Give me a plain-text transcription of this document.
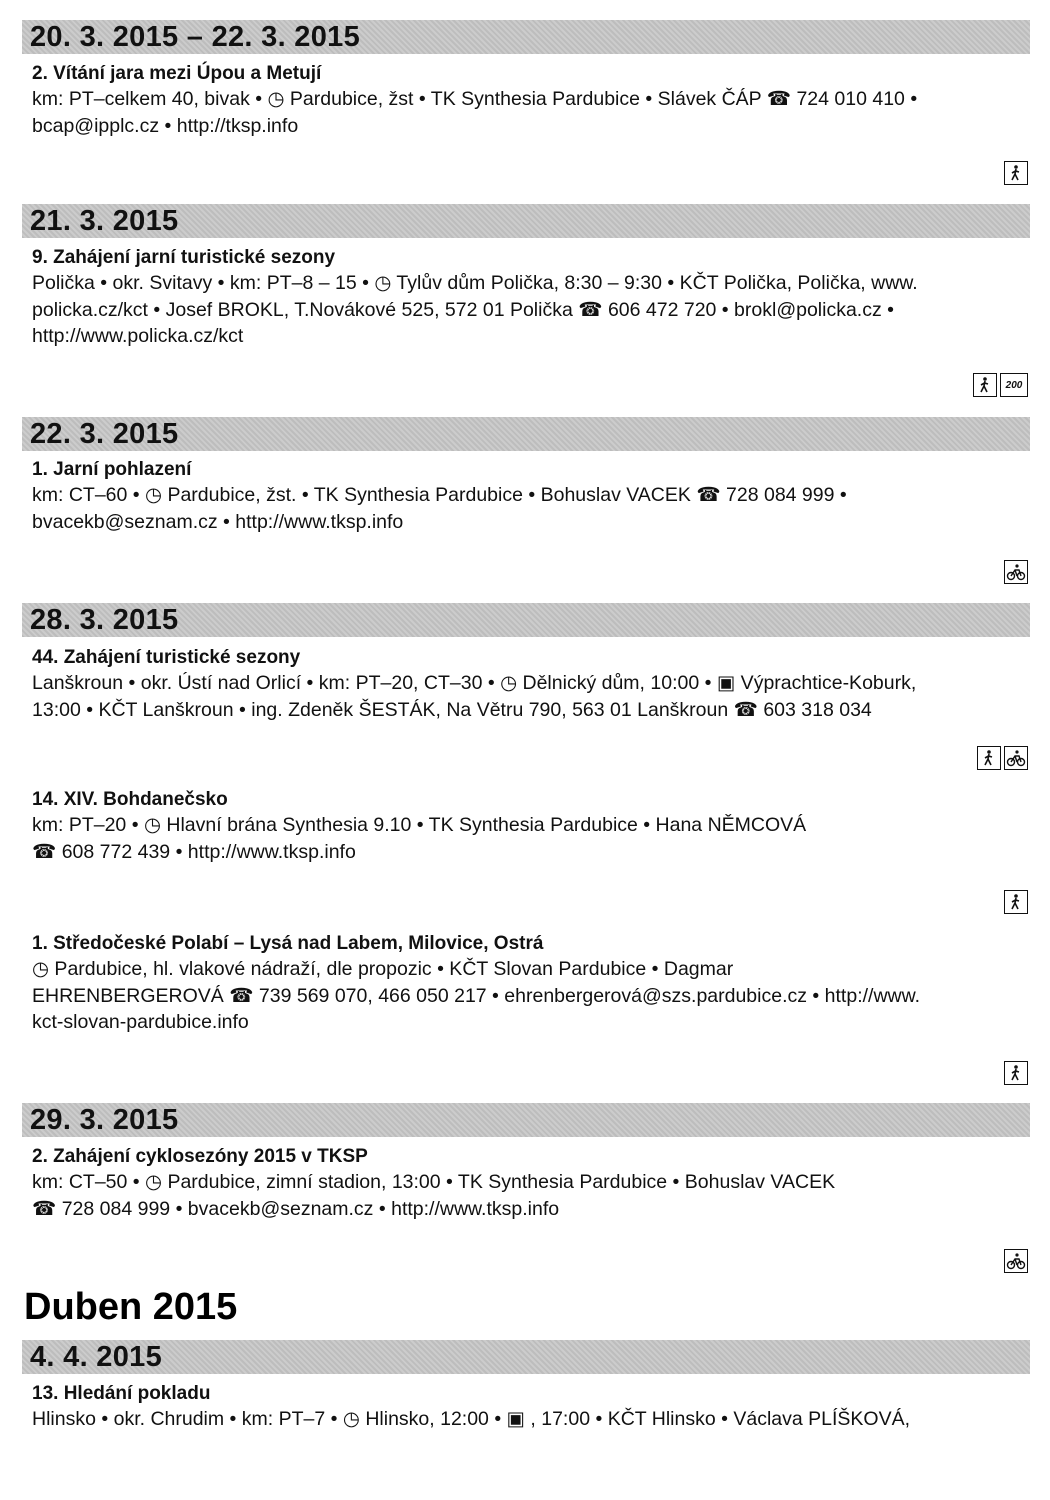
20. 3. 2015 – 22. 3. 2015
2. Vítání jara mezi Úpou a Metují
km: PT–celkem 40, bivak • ◷ Pardubice, žst • TK Synthesia Pardubice • Slávek ČÁP ☎ 724 010 410 •
bcap@ipplc.cz • http://tksp.info
21. 3. 2015
9. Zahájení jarní turistické sezony
Polička • okr. Svitavy • km: PT–8 – 15 • ◷ Tylův dům Polička, 8:30 – 9:30 • KČT Polička, Polička, www.
policka.cz/kct • Josef BROKL, T.Novákové 525, 572 01 Polička ☎ 606 472 720 • brokl@policka.cz •
http://www.policka.cz/kct
200
22. 3. 2015
1. Jarní pohlazení
km: CT–60 • ◷ Pardubice, žst. • TK Synthesia Pardubice • Bohuslav VACEK ☎ 728 084 999 •
bvacekb@seznam.cz • http://www.tksp.info
28. 3. 2015
44. Zahájení turistické sezony
Lanškroun • okr. Ústí nad Orlicí • km: PT–20, CT–30 • ◷ Dělnický dům, 10:00 • ▣ Výprachtice-Koburk,
13:00 • KČT Lanškroun • ing. Zdeněk ŠESTÁK, Na Větru 790, 563 01 Lanškroun ☎ 603 318 034
14. XIV. Bohdanečsko
km: PT–20 • ◷ Hlavní brána Synthesia 9.10 • TK Synthesia Pardubice • Hana NĚMCOVÁ
☎ 608 772 439 • http://www.tksp.info
1. Středočeské Polabí – Lysá nad Labem, Milovice, Ostrá
◷ Pardubice, hl. vlakové nádraží, dle propozic • KČT Slovan Pardubice • Dagmar
EHRENBERGEROVÁ ☎ 739 569 070, 466 050 217 • ehrenbergerová@szs.pardubice.cz • http://www.
kct-slovan-pardubice.info
29. 3. 2015
2. Zahájení cyklosezóny 2015 v TKSP
km: CT–50 • ◷ Pardubice, zimní stadion, 13:00 • TK Synthesia Pardubice • Bohuslav VACEK
☎ 728 084 999 • bvacekb@seznam.cz • http://www.tksp.info
Duben 2015
4. 4. 2015
13. Hledání pokladu
Hlinsko • okr. Chrudim • km: PT–7 • ◷ Hlinsko, 12:00 • ▣ , 17:00 • KČT Hlinsko • Václava PLÍŠKOVÁ,
